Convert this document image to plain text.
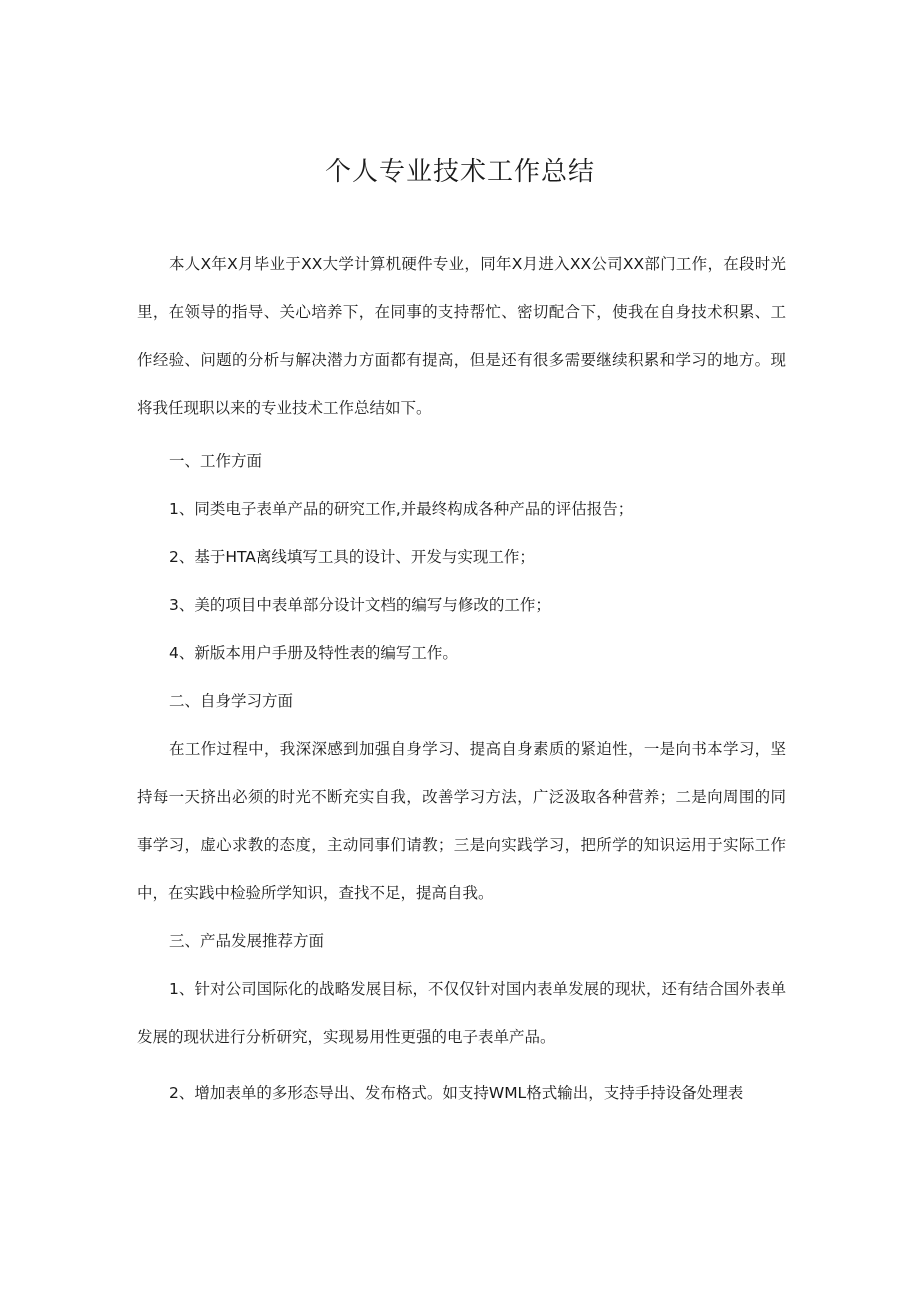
个人专业技术工作总结

本人X年X月毕业于XX大学计算机硬件专业，同年X月进入XX公司XX部门工作，在段时光里，在领导的指导、关心培养下，在同事的支持帮忙、密切配合下，使我在自身技术积累、工作经验、问题的分析与解决潜力方面都有提高，但是还有很多需要继续积累和学习的地方。现将我任现职以来的专业技术工作总结如下。

一、工作方面

1、同类电子表单产品的研究工作,并最终构成各种产品的评估报告；

2、基于HTA离线填写工具的设计、开发与实现工作；

3、美的项目中表单部分设计文档的编写与修改的工作；

4、新版本用户手册及特性表的编写工作。

二、自身学习方面

在工作过程中，我深深感到加强自身学习、提高自身素质的紧迫性，一是向书本学习，坚持每一天挤出必须的时光不断充实自我，改善学习方法，广泛汲取各种营养；二是向周围的同事学习，虚心求教的态度，主动同事们请教；三是向实践学习，把所学的知识运用于实际工作中，在实践中检验所学知识，查找不足，提高自我。

三、产品发展推荐方面

1、针对公司国际化的战略发展目标，不仅仅针对国内表单发展的现状，还有结合国外表单发展的现状进行分析研究，实现易用性更强的电子表单产品。

2、增加表单的多形态导出、发布格式。如支持WML格式输出，支持手持设备处理表
